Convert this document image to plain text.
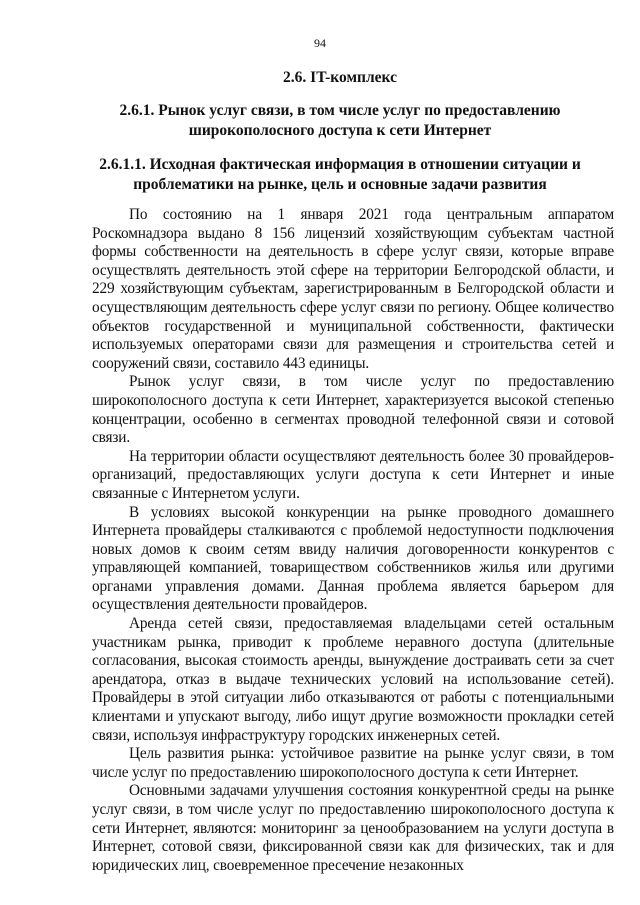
94
2.6. IT-комплекс
2.6.1. Рынок услуг связи, в том числе услуг по предоставлению широкополосного доступа к сети Интернет
2.6.1.1. Исходная фактическая информация в отношении ситуации и проблематики на рынке, цель и основные задачи развития

По состоянию на 1 января 2021 года центральным аппаратом Роскомнадзора выдано 8 156 лицензий хозяйствующим субъектам частной формы собственности на деятельность в сфере услуг связи, которые вправе осуществлять деятельность этой сфере на территории Белгородской области, и 229 хозяйствующим субъектам, зарегистрированным в Белгородской области и осуществляющим деятельность сфере услуг связи по региону. Общее количество объектов государственной и муниципальной собственности, фактически используемых операторами связи для размещения и строительства сетей и сооружений связи, составило 443 единицы.

Рынок услуг связи, в том числе услуг по предоставлению широкополосного доступа к сети Интернет, характеризуется высокой степенью концентрации, особенно в сегментах проводной телефонной связи и сотовой связи.

На территории области осуществляют деятельность более 30 провайдеров-организаций, предоставляющих услуги доступа к сети Интернет и иные связанные с Интернетом услуги.

В условиях высокой конкуренции на рынке проводного домашнего Интернета провайдеры сталкиваются с проблемой недоступности подключения новых домов к своим сетям ввиду наличия договоренности конкурентов с управляющей компанией, товариществом собственников жилья или другими органами управления домами. Данная проблема является барьером для осуществления деятельности провайдеров.

Аренда сетей связи, предоставляемая владельцами сетей остальным участникам рынка, приводит к проблеме неравного доступа (длительные согласования, высокая стоимость аренды, вынуждение достраивать сети за счет арендатора, отказ в выдаче технических условий на использование сетей). Провайдеры в этой ситуации либо отказываются от работы с потенциальными клиентами и упускают выгоду, либо ищут другие возможности прокладки сетей связи, используя инфраструктуру городских инженерных сетей.

Цель развития рынка: устойчивое развитие на рынке услуг связи, в том числе услуг по предоставлению широкополосного доступа к сети Интернет.

Основными задачами улучшения состояния конкурентной среды на рынке услуг связи, в том числе услуг по предоставлению широкополосного доступа к сети Интернет, являются: мониторинг за ценообразованием на услуги доступа в Интернет, сотовой связи, фиксированной связи как для физических, так и для юридических лиц, своевременное пресечение незаконных
